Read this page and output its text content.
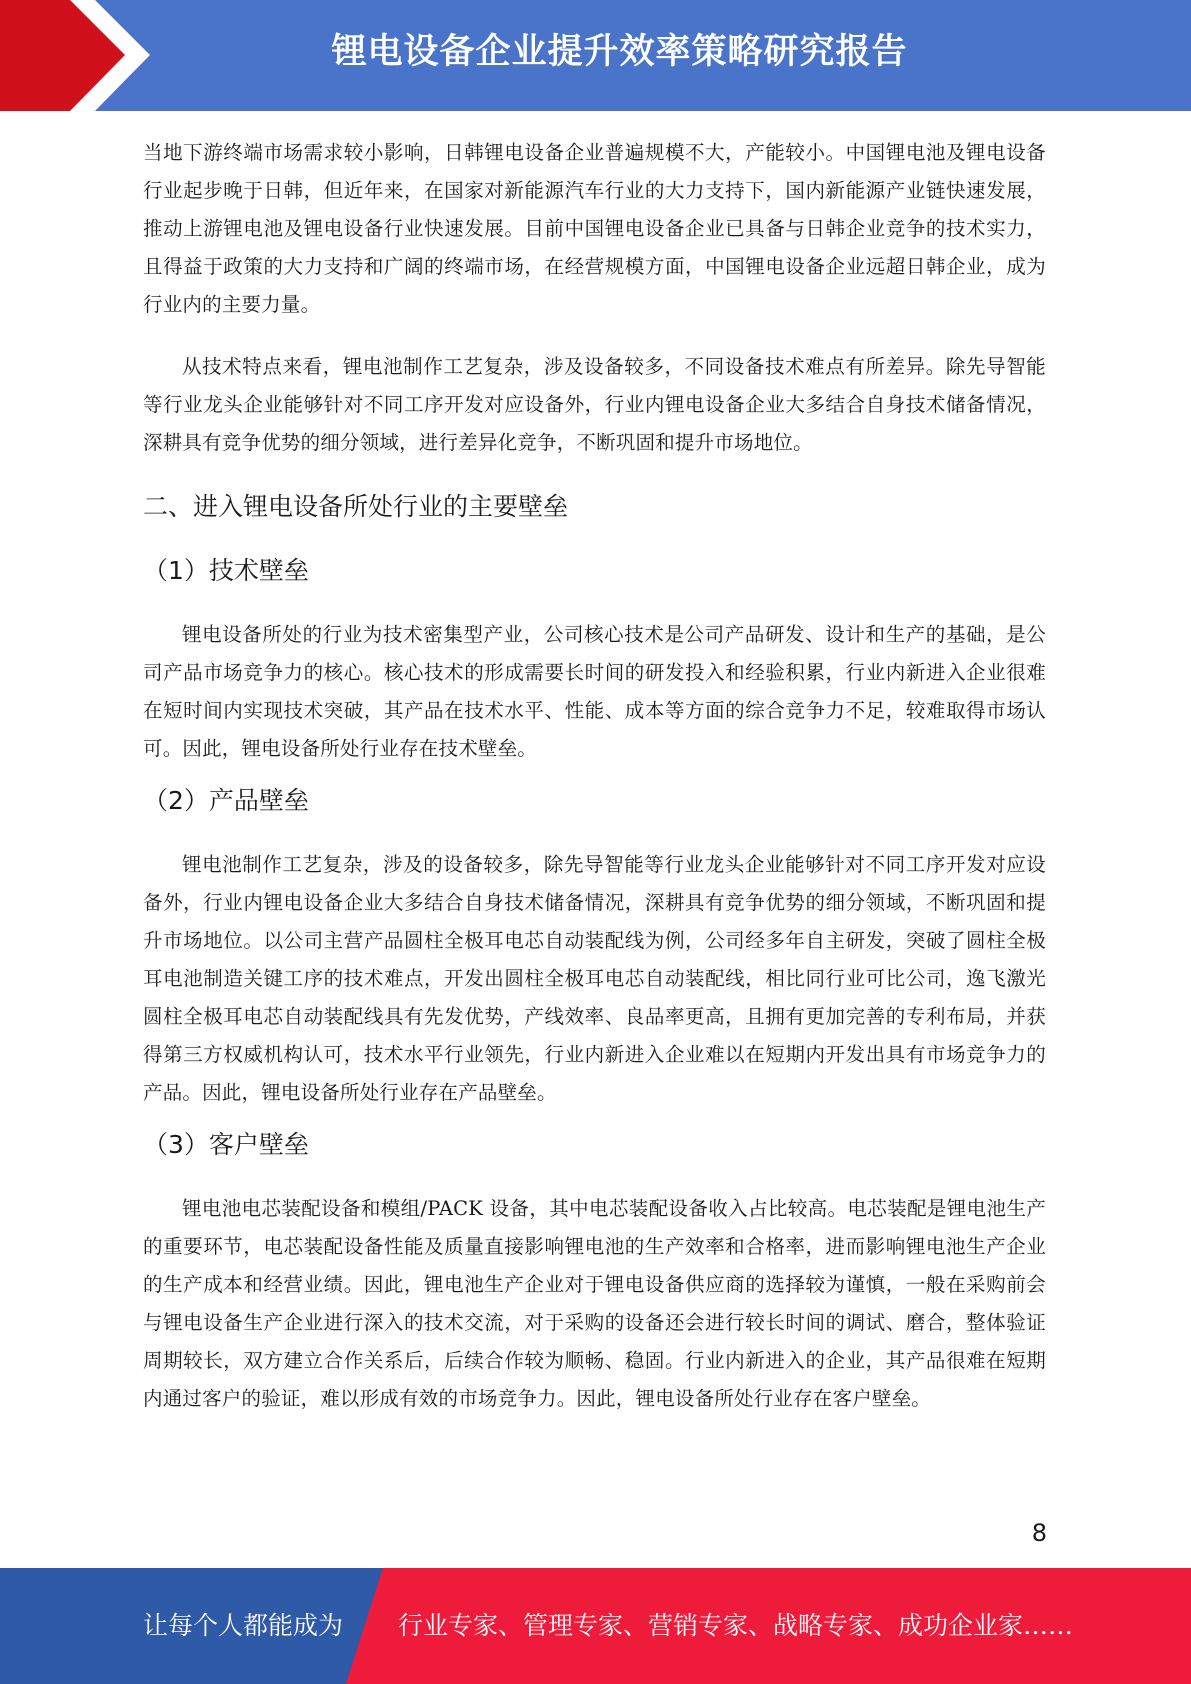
锂电设备企业提升效率策略研究报告

当地下游终端市场需求较小影响，日韩锂电设备企业普遍规模不大，产能较小。中国锂电池及锂电设备行业起步晚于日韩，但近年来，在国家对新能源汽车行业的大力支持下，国内新能源产业链快速发展，推动上游锂电池及锂电设备行业快速发展。目前中国锂电设备企业已具备与日韩企业竞争的技术实力，且得益于政策的大力支持和广阔的终端市场，在经营规模方面，中国锂电设备企业远超日韩企业，成为行业内的主要力量。

从技术特点来看，锂电池制作工艺复杂，涉及设备较多，不同设备技术难点有所差异。除先导智能等行业龙头企业能够针对不同工序开发对应设备外，行业内锂电设备企业大多结合自身技术储备情况，深耕具有竞争优势的细分领域，进行差异化竞争，不断巩固和提升市场地位。

二、进入锂电设备所处行业的主要壁垒
（1）技术壁垒

锂电设备所处的行业为技术密集型产业，公司核心技术是公司产品研发、设计和生产的基础，是公司产品市场竞争力的核心。核心技术的形成需要长时间的研发投入和经验积累，行业内新进入企业很难在短时间内实现技术突破，其产品在技术水平、性能、成本等方面的综合竞争力不足，较难取得市场认可。因此，锂电设备所处行业存在技术壁垒。

（2）产品壁垒

锂电池制作工艺复杂，涉及的设备较多，除先导智能等行业龙头企业能够针对不同工序开发对应设备外，行业内锂电设备企业大多结合自身技术储备情况，深耕具有竞争优势的细分领域，不断巩固和提升市场地位。以公司主营产品圆柱全极耳电芯自动装配线为例，公司经多年自主研发，突破了圆柱全极耳电池制造关键工序的技术难点，开发出圆柱全极耳电芯自动装配线，相比同行业可比公司，逸飞激光圆柱全极耳电芯自动装配线具有先发优势，产线效率、良品率更高，且拥有更加完善的专利布局，并获得第三方权威机构认可，技术水平行业领先，行业内新进入企业难以在短期内开发出具有市场竞争力的产品。因此，锂电设备所处行业存在产品壁垒。

（3）客户壁垒

锂电池电芯装配设备和模组/PACK 设备，其中电芯装配设备收入占比较高。电芯装配是锂电池生产的重要环节，电芯装配设备性能及质量直接影响锂电池的生产效率和合格率，进而影响锂电池生产企业的生产成本和经营业绩。因此，锂电池生产企业对于锂电设备供应商的选择较为谨慎，一般在采购前会与锂电设备生产企业进行深入的技术交流，对于采购的设备还会进行较长时间的调试、磨合，整体验证周期较长，双方建立合作关系后，后续合作较为顺畅、稳固。行业内新进入的企业，其产品很难在短期内通过客户的验证，难以形成有效的市场竞争力。因此，锂电设备所处行业存在客户壁垒。

8
让每个人都能成为 行业专家、管理专家、营销专家、战略专家、成功企业家……
